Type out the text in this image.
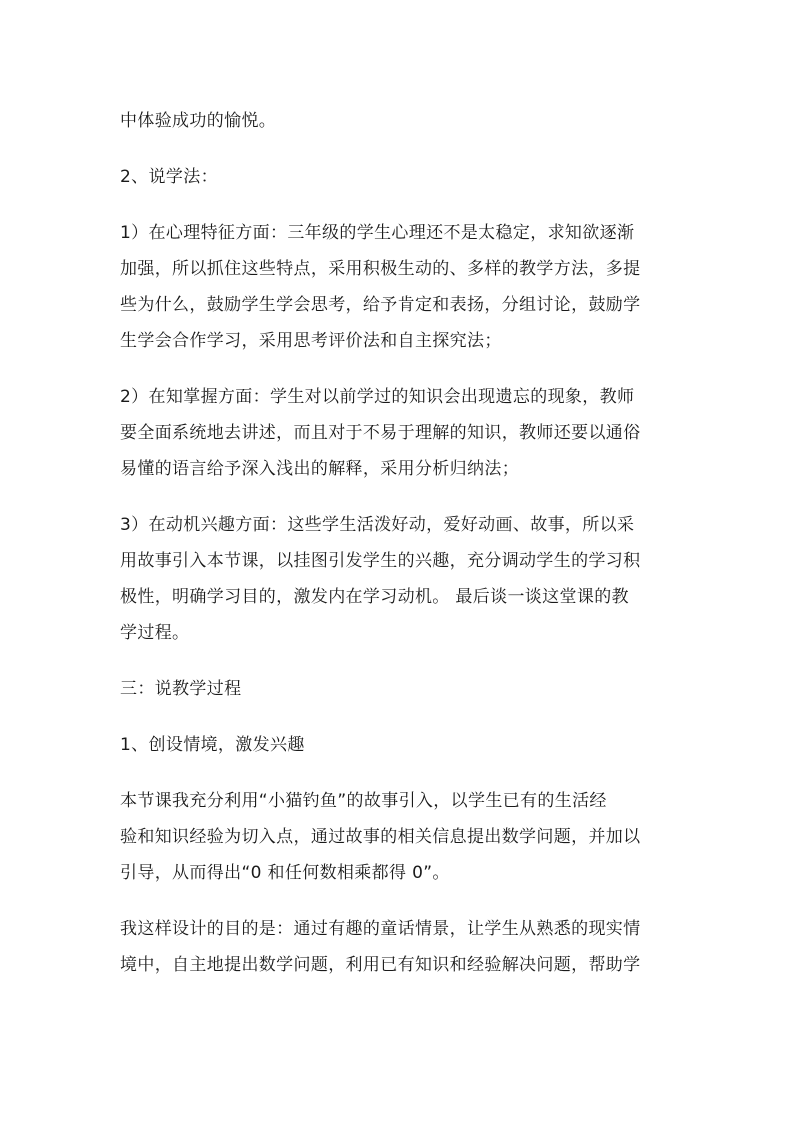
中体验成功的愉悦。

2、说学法：

1）在心理特征方面：三年级的学生心理还不是太稳定，求知欲逐渐
加强，所以抓住这些特点，采用积极生动的、多样的教学方法，多提
些为什么，鼓励学生学会思考，给予肯定和表扬，分组讨论，鼓励学
生学会合作学习，采用思考评价法和自主探究法；

2）在知掌握方面：学生对以前学过的知识会出现遗忘的现象，教师
要全面系统地去讲述，而且对于不易于理解的知识，教师还要以通俗
易懂的语言给予深入浅出的解释，采用分析归纳法；

3）在动机兴趣方面：这些学生活泼好动，爱好动画、故事，所以采
用故事引入本节课，以挂图引发学生的兴趣，充分调动学生的学习积
极性，明确学习目的，激发内在学习动机。 最后谈一谈这堂课的教
学过程。

三：说教学过程

1、创设情境，激发兴趣

本节课我充分利用“小猫钓鱼”的故事引入，以学生已有的生活经
验和知识经验为切入点，通过故事的相关信息提出数学问题，并加以
引导，从而得出“0 和任何数相乘都得 0”。

我这样设计的目的是：通过有趣的童话情景，让学生从熟悉的现实情
境中，自主地提出数学问题，利用已有知识和经验解决问题，帮助学
